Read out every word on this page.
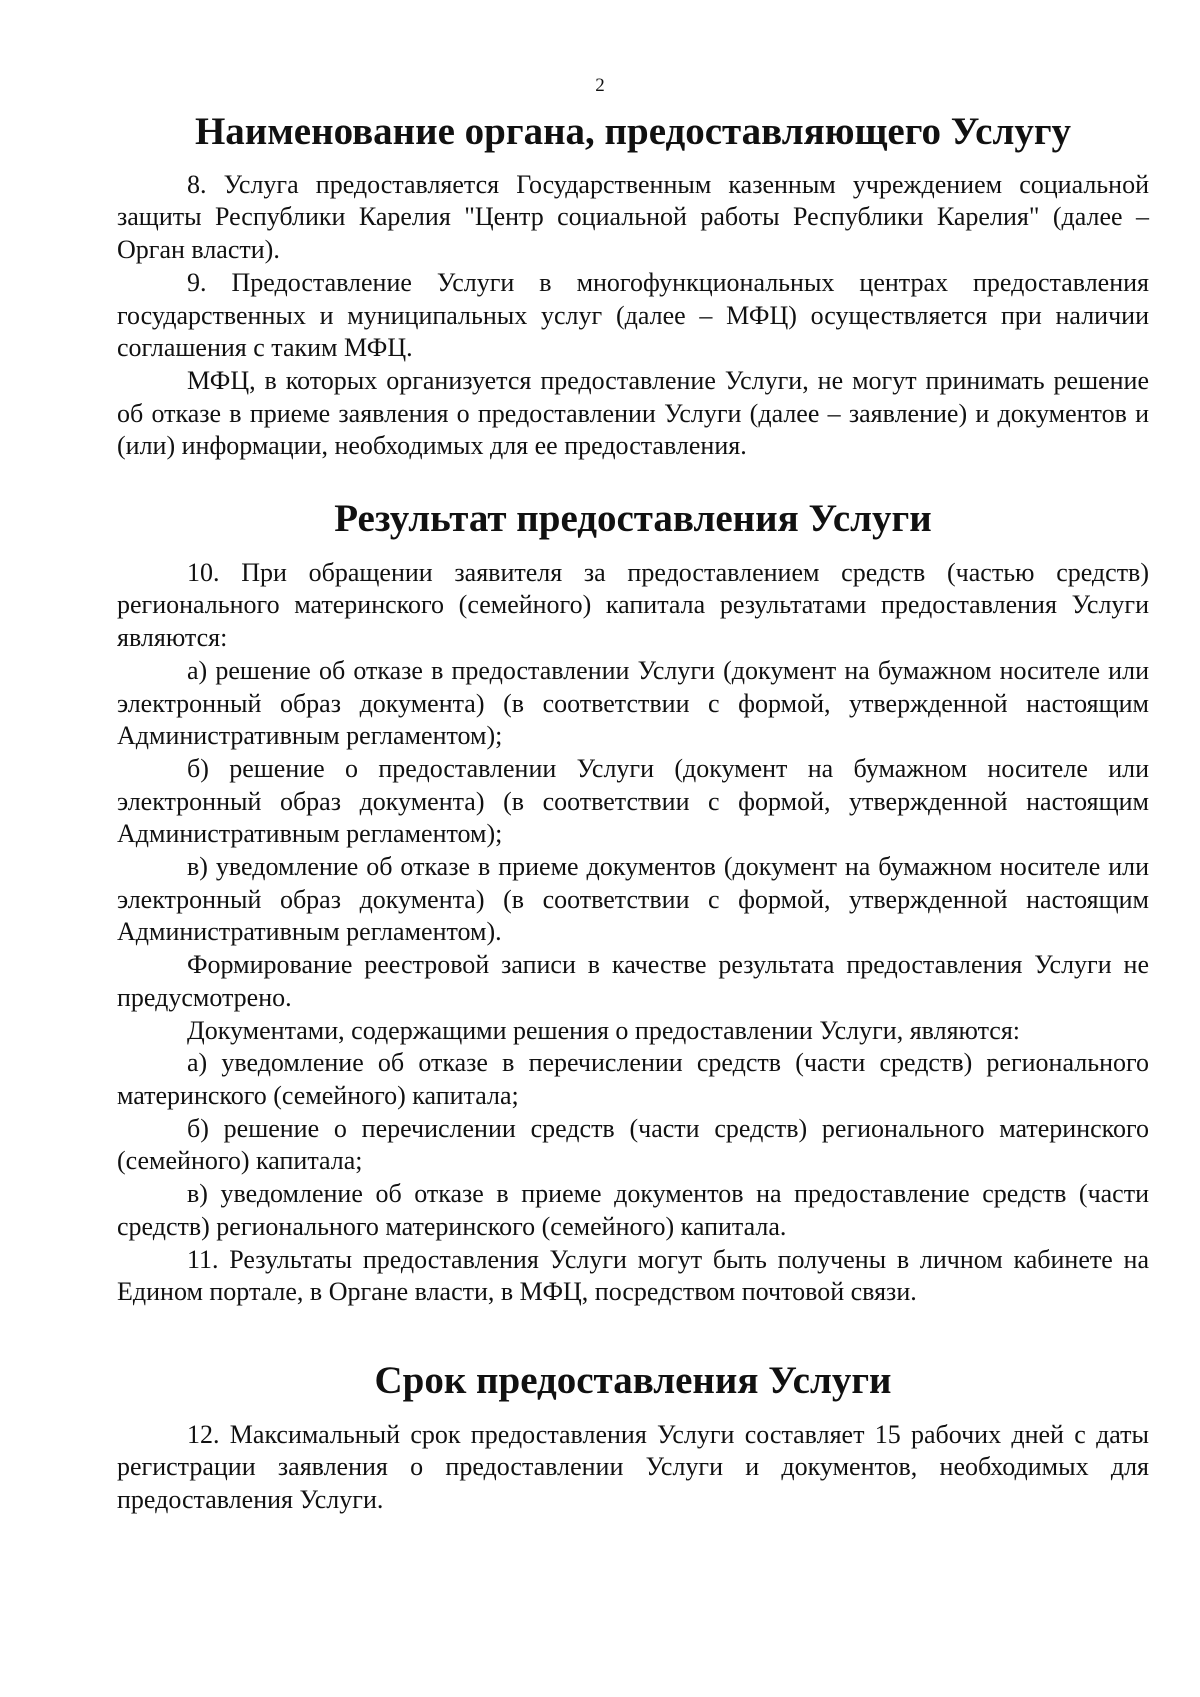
2
Наименование органа, предоставляющего Услугу

8. Услуга предоставляется Государственным казенным учреждением социальной защиты Республики Карелия "Центр социальной работы Республики Карелия" (далее – Орган власти).

9. Предоставление Услуги в многофункциональных центрах предоставления государственных и муниципальных услуг (далее – МФЦ) осуществляется при наличии соглашения с таким МФЦ.

МФЦ, в которых организуется предоставление Услуги, не могут принимать решение об отказе в приеме заявления о предоставлении Услуги (далее – заявление) и документов и (или) информации, необходимых для ее предоставления.

Результат предоставления Услуги

10. При обращении заявителя за предоставлением средств (частью средств) регионального материнского (семейного) капитала результатами предоставления Услуги являются:

а) решение об отказе в предоставлении Услуги (документ на бумажном носителе или электронный образ документа) (в соответствии с формой, утвержденной настоящим Административным регламентом);

б) решение о предоставлении Услуги (документ на бумажном носителе или электронный образ документа) (в соответствии с формой, утвержденной настоящим Административным регламентом);

в) уведомление об отказе в приеме документов (документ на бумажном носителе или электронный образ документа) (в соответствии с формой, утвержденной настоящим Административным регламентом).

Формирование реестровой записи в качестве результата предоставления Услуги не предусмотрено.

Документами, содержащими решения о предоставлении Услуги, являются:

а) уведомление об отказе в перечислении средств (части средств) регионального материнского (семейного) капитала;

б) решение о перечислении средств (части средств) регионального материнского (семейного) капитала;

в) уведомление об отказе в приеме документов на предоставление средств (части средств) регионального материнского (семейного) капитала.

11. Результаты предоставления Услуги могут быть получены в личном кабинете на Едином портале, в Органе власти, в МФЦ, посредством почтовой связи.

Срок предоставления Услуги

12. Максимальный срок предоставления Услуги составляет 15 рабочих дней с даты регистрации заявления о предоставлении Услуги и документов, необходимых для предоставления Услуги.
